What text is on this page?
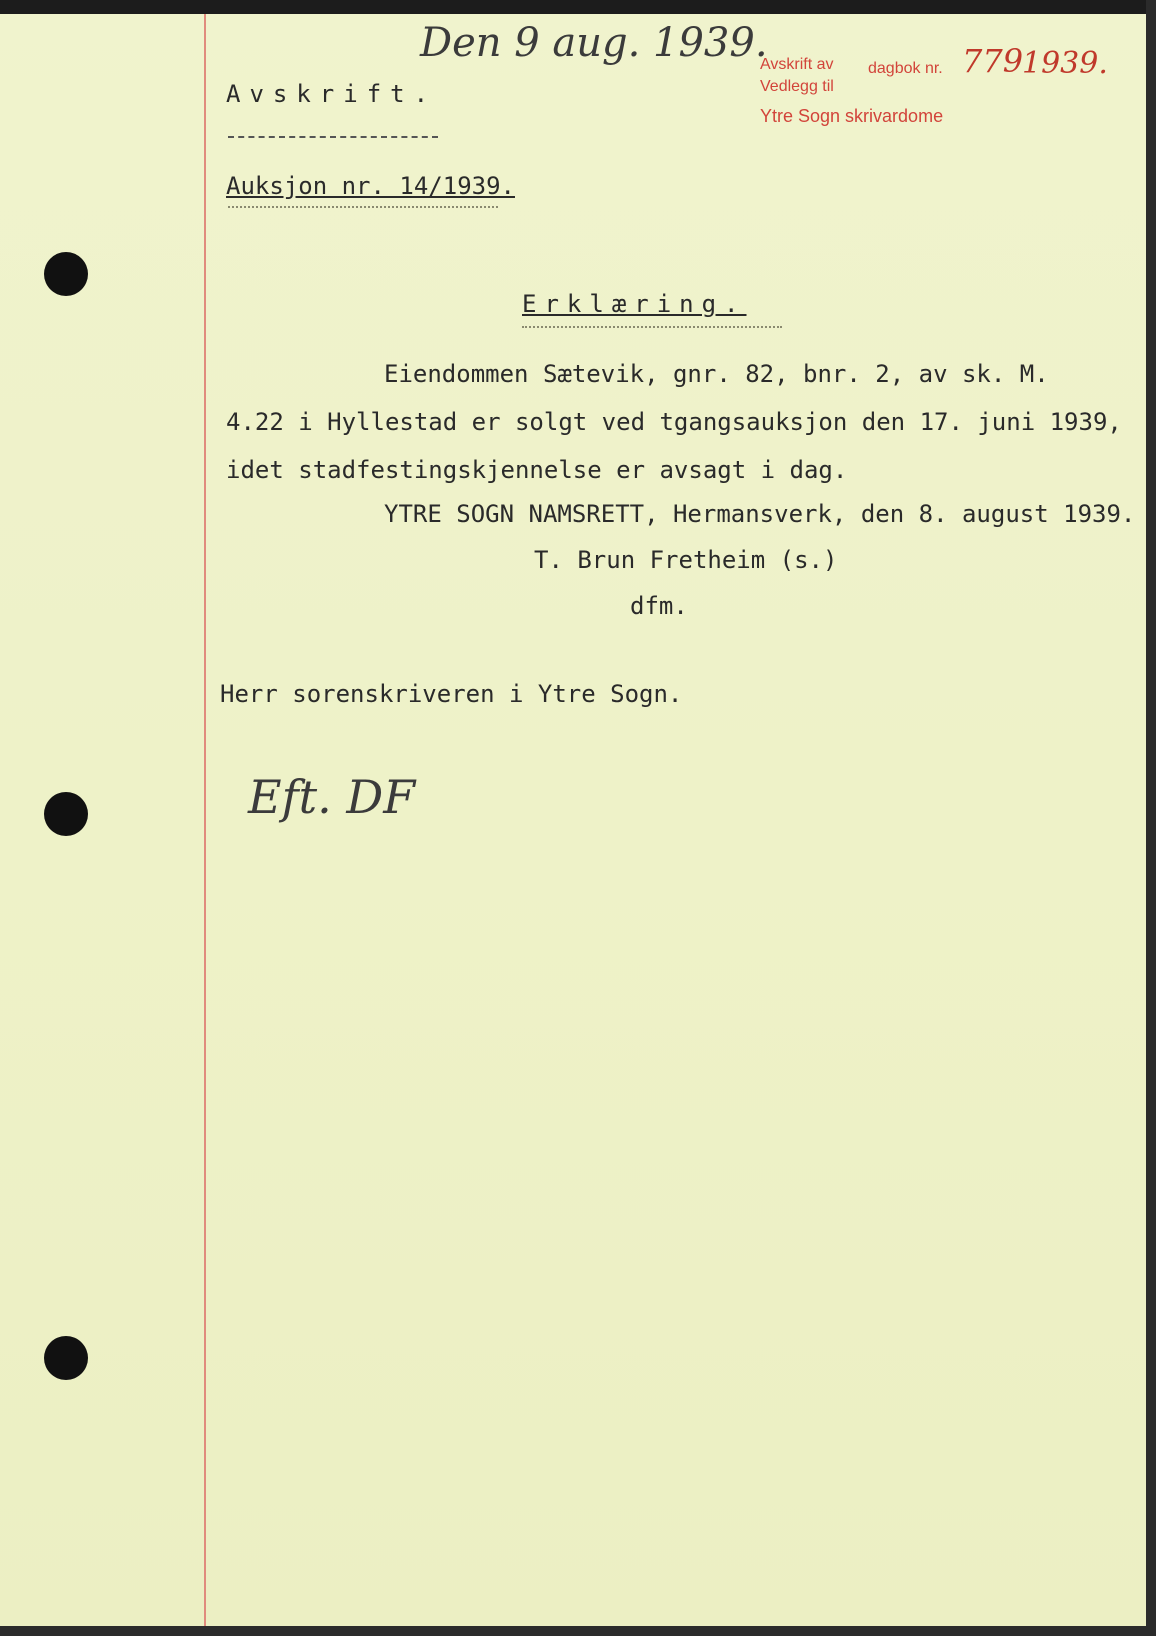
Den 9 aug. 1939.
Avskrift av
Vedlegg til
Ytre Sogn skrivardome
dagbok nr. 779
1939.
Avskrift.
Auksjon nr. 14/1939.
Erklæring.
Eiendommen Sætevik, gnr. 82, bnr. 2, av sk. M.
4.22 i Hyllestad er solgt ved tgangsauksjon den 17. juni 1939,
idet stadfestingskjennelse er avsagt i dag.
YTRE SOGN NAMSRETT, Hermansverk, den 8. august 1939.
T. Brun Fretheim (s.)
dfm.
Herr sorenskriveren i Ytre Sogn.
Eft. DF
